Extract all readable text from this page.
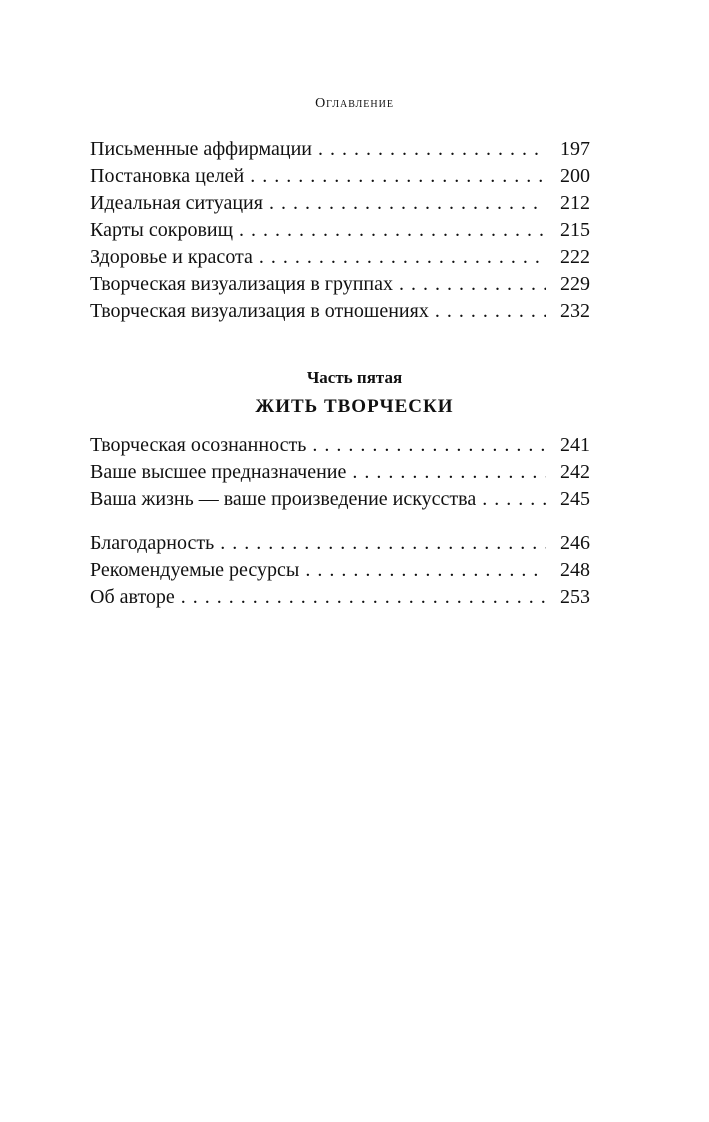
Оглавление
Письменные аффирмации . . .	197
Постановка целей . . .	200
Идеальная ситуация . . .	212
Карты сокровищ . . .	215
Здоровье и красота . . .	222
Творческая визуализация в группах . . .	229
Творческая визуализация в отношениях . . .	232
Часть пятая
ЖИТЬ ТВОРЧЕСКИ
Творческая осознанность . . .	241
Ваше высшее предназначение . . .	242
Ваша жизнь — ваше произведение искусства . . .	245
Благодарность . . .	246
Рекомендуемые ресурсы . . .	248
Об авторе . . .	253
